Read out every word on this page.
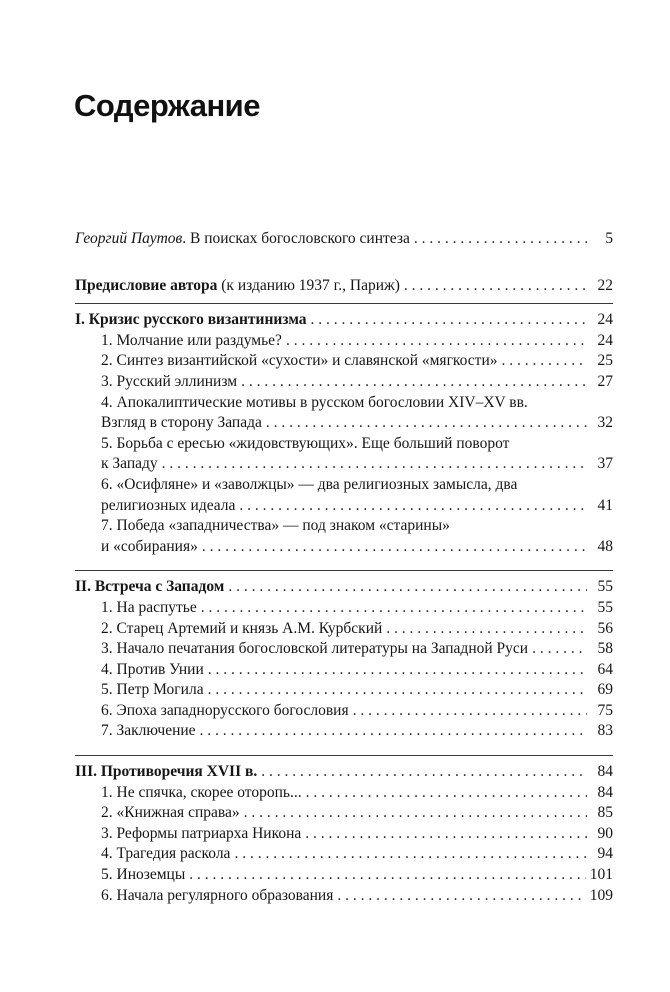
Содержание
Георгий Паутов. В поисках богословского синтеза . . .	5
Предисловие автора (к изданию 1937 г., Париж) . . .	22
I. Кризис русского византинизма . . .	24
1. Молчание или раздумье? . . .	24
2. Синтез византийской «сухости» и славянской «мягкости» . . .	25
3. Русский эллинизм . . .	27
4. Апокалиптические мотивы в русском богословии XIV–XV вв.
Взгляд в сторону Запада . . .	32
5. Борьба с ересью «жидовствующих». Еще больший поворот
к Западу . . .	37
6. «Осифляне» и «заволжцы» — два религиозных замысла, два
религиозных идеала . . .	41
7. Победа «западничества» — под знаком «старины»
и «собирания» . . .	48
II. Встреча с Западом . . .	55
1. На распутье . . .	55
2. Старец Артемий и князь А.М. Курбский . . .	56
3. Начало печатания богословской литературы на Западной Руси . . .	58
4. Против Унии . . .	64
5. Петр Могила . . .	69
6. Эпоха западнорусского богословия . . .	75
7. Заключение . . .	83
III. Противоречия XVII в. . . .	84
1. Не спячка, скорее оторопь... . . .	84
2. «Книжная справа» . . .	85
3. Реформы патриарха Никона . . .	90
4. Трагедия раскола . . .	94
5. Иноземцы . . .	101
6. Начала регулярного образования . . .	109
